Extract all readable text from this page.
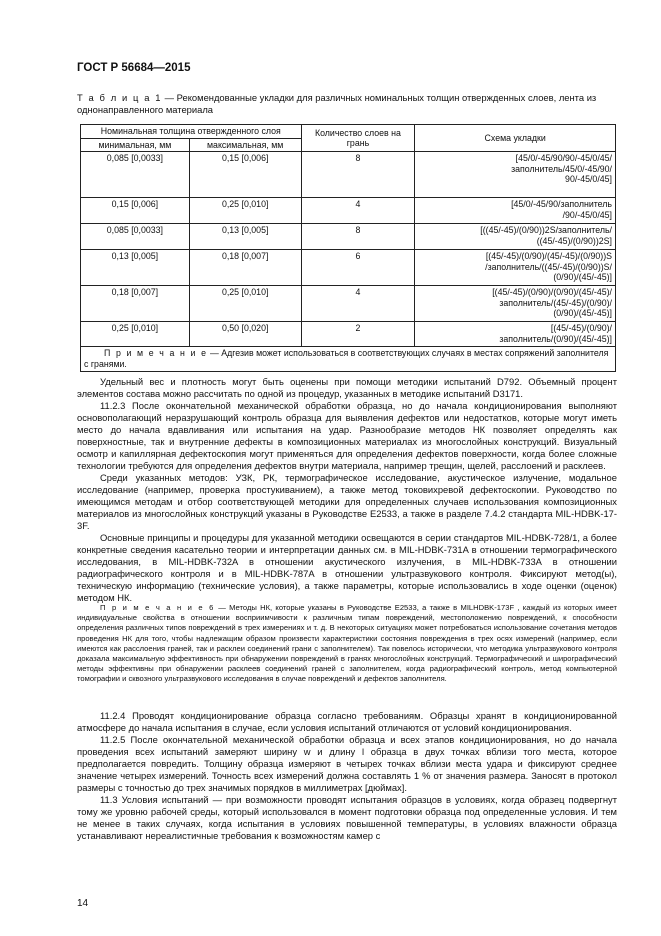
ГОСТ Р 56684—2015
Т а б л и ц а 1 — Рекомендованные укладки для различных номинальных толщин отвержденных слоев, лента из однонаправленного материала
Номинальная толщина отвержденного слоя		Количество слоев на грань	Схема укладки
минимальная, мм	максимальная, мм		
0,085 [0,0033]	0,15 [0,006]	8	[45/0/-45/90/90/-45/0/45/
заполнитель/45/0/-45/90/
90/-45/0/45]

0,15 [0,006]	0,25 [0,010]	4	[45/0/-45/90/заполнитель
/90/-45/0/45]

0,085 [0,0033]	0,13 [0,005]	8	[((45/-45)/(0/90))2S/заполнитель/
((45/-45)/(0/90))2S]

0,13 [0,005]	0,18 [0,007]	6	[(45/-45)/(0/90)/(45/-45)/(0/90))S
/заполнитель/((45/-45)/(0/90))S/
(0/90)/(45/-45)]

0,18 [0,007]	0,25 [0,010]	4	[(45/-45)/(0/90)/(0/90)/(45/-45)/
заполнитель/(45/-45)/(0/90)/
(0/90)/(45/-45)]

0,25 [0,010]	0,50 [0,020]	2	[(45/-45)/(0/90)/
заполнитель/(0/90)/(45/-45)]

П р и м е ч а н и е — Адгезив может использоваться в соответствующих случаях в местах сопряжений заполнителя с гранями.			

Удельный вес и плотность могут быть оценены при помощи методики испытаний D792. Объемный процент элементов состава можно рассчитать по одной из процедур, указанных в методике испытаний D3171.

11.2.3 После окончательной механической обработки образца, но до начала кондиционирования выполняют основополагающий неразрушающий контроль образца для выявления дефектов или недостатков, которые могут иметь место до начала вдавливания или испытания на удар. Разнообразие методов НК позволяет определять как поверхностные, так и внутренние дефекты в композиционных материалах из многослойных конструкций. Визуальный осмотр и капиллярная дефектоскопия могут применяться для определения дефектов поверхности, когда более сложные технологии требуются для определения дефектов внутри материала, например трещин, щелей, расслоений и расклеев.

Среди указанных методов: УЗК, РК, термографическое исследование, акустическое излучение, модальное исследование (например, проверка простукиванием), а также метод токовихревой дефектоскопии. Руководство по имеющимся методам и отбор соответствующей методики для определенных случаев использования композиционных материалов из многослойных конструкций указаны в Руководстве E2533, а также в разделе 7.4.2 стандарта MIL-HDBK-17-3F.

Основные принципы и процедуры для указанной методики освещаются в серии стандартов MIL-HDBK-728/1, а более конкретные сведения касательно теории и интерпретации данных см. в MIL-HDBK-731A в отношении термографического исследования, в MIL-HDBK-732A в отношении акустического излучения, в MIL-HDBK-733A в отношении радиографического контроля и в MIL-HDBK-787A в отношении ультразвукового контроля. Фиксируют метод(ы), техническую информацию (технические условия), а также параметры, которые использовались в ходе оценки (оценок) методом НК.

П р и м е ч а н и е 6 — Методы НК, которые указаны в Руководстве E2533, а также в MILHDBK-173F , каждый из которых имеет индивидуальные свойства в отношении восприимчивости к различным типам повреждений, местоположению повреждений, к способности определения различных типов повреждений в трех измерениях и т. д. В некоторых ситуациях может потребоваться использование сочетания методов проведения НК для того, чтобы надлежащим образом произвести характеристики состояния повреждения в трех осях измерений (например, если имеются как расслоения граней, так и расклеи соединений грани с заполнителем). Так повелось исторически, что методика ультразвукового контроля доказала максимальную эффективность при обнаружении повреждений в гранях многослойных конструкций. Термографический и ширографический методы эффективны при обнаружении расклеев соединений граней с заполнителем, когда радиографический контроль, метод компьютерной томографии и сквозного ультразвукового исследования в случае повреждений и дефектов заполнителя.

11.2.4 Проводят кондиционирование образца согласно требованиям. Образцы хранят в кондиционированной атмосфере до начала испытания в случае, если условия испытаний отличаются от условий кондиционирования.

11.2.5 После окончательной механической обработки образца и всех этапов кондиционирования, но до начала проведения всех испытаний замеряют ширину w и длину l образца в двух точках вблизи того места, которое предполагается повредить. Толщину образца измеряют в четырех точках вблизи места удара и фиксируют среднее значение четырех измерений. Точность всех измерений должна составлять 1 % от значения размера. Заносят в протокол размеры с точностью до трех значимых порядков в миллиметрах [дюймах].

11.3 Условия испытаний — при возможности проводят испытания образцов в условиях, когда образец подвергнут тому же уровню рабочей среды, который использовался в момент подготовки образца под определенные условия. И тем не менее в таких случаях, когда испытания в условиях повышенной температуры, в условиях влажности образца устанавливают нереалистичные требования к возможностям камер с

14
